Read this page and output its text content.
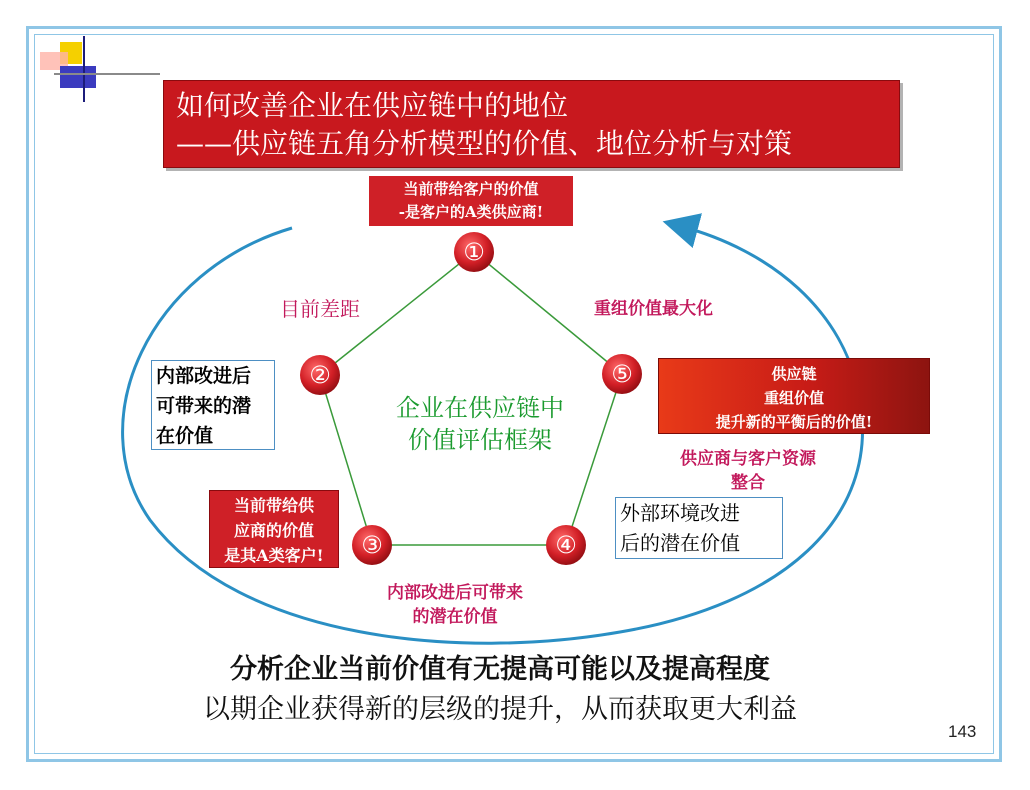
如何改善企业在供应链中的地位
——供应链五角分析模型的价值、地位分析与对策
①
②
③	④
⑤
当前带给客户的价值
-是客户的A类供应商!
内部改进后
可带来的潜
在价值
当前带给供
应商的价值
是其A类客户!
外部环境改进
后的潜在价值
供应链
重组价值
提升新的平衡后的价值!
目前差距	重组价值最大化
供应商与客户资源
整合
内部改进后可带来
的潜在价值
企业在供应链中
价值评估框架
分析企业当前价值有无提高可能以及提高程度
以期企业获得新的层级的提升，从而获取更大利益
143
